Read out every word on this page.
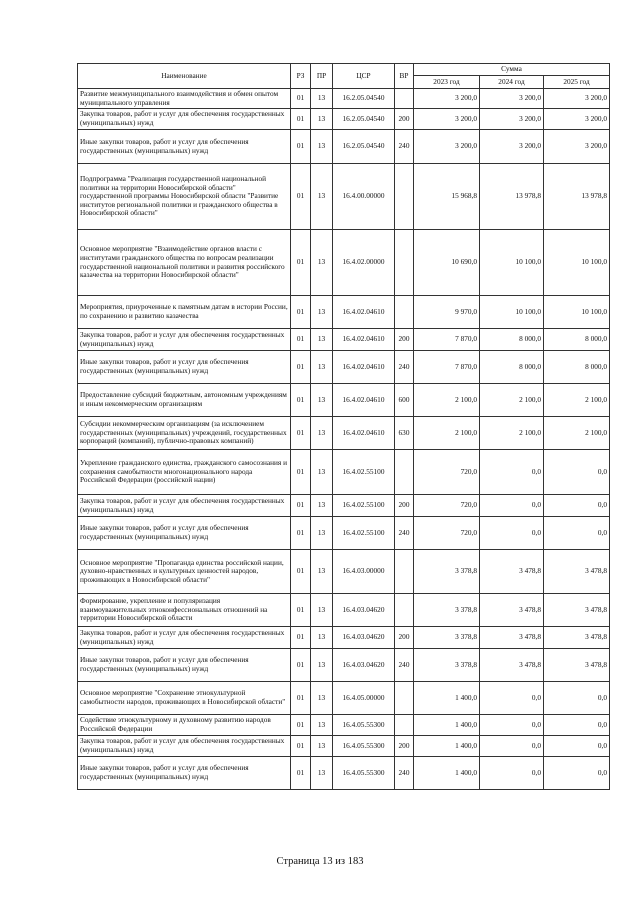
Наименование	РЗ	ПР	ЦСР	ВР	Сумма		
					2023 год	2024 год	2025 год
Развитие межмуниципального взаимодействия и обмен опытом муниципального управления	01	13	16.2.05.04540		3 200,0	3 200,0	3 200,0
Закупка товаров, работ и услуг для обеспечения государственных (муниципальных) нужд	01	13	16.2.05.04540	200	3 200,0	3 200,0	3 200,0
Иные закупки товаров, работ и услуг для обеспечения государственных (муниципальных) нужд	01	13	16.2.05.04540	240	3 200,0	3 200,0	3 200,0
Подпрограмма "Реализация государственной национальной политики на территории Новосибирской области" государственной программы Новосибирской области "Развитие институтов региональной политики и гражданского общества в Новосибирской области"	01	13	16.4.00.00000		15 968,8	13 978,8	13 978,8
Основное мероприятие "Взаимодействие органов власти с институтами гражданского общества по вопросам реализации государственной национальной политики и развития российского казачества на территории Новосибирской области"	01	13	16.4.02.00000		10 690,0	10 100,0	10 100,0
Мероприятия, приуроченные к памятным датам в истории России, по сохранению и развитию казачества	01	13	16.4.02.04610		9 970,0	10 100,0	10 100,0
Закупка товаров, работ и услуг для обеспечения государственных (муниципальных) нужд	01	13	16.4.02.04610	200	7 870,0	8 000,0	8 000,0
Иные закупки товаров, работ и услуг для обеспечения государственных (муниципальных) нужд	01	13	16.4.02.04610	240	7 870,0	8 000,0	8 000,0
Предоставление субсидий бюджетным, автономным учреждениям и иным некоммерческим организациям	01	13	16.4.02.04610	600	2 100,0	2 100,0	2 100,0
Субсидии некоммерческим организациям (за исключением государственных (муниципальных) учреждений, государственных корпораций (компаний), публично-правовых компаний)	01	13	16.4.02.04610	630	2 100,0	2 100,0	2 100,0
Укрепление гражданского единства, гражданского самосознания и сохранения самобытности многонационального народа Российской Федерации (российской нации)	01	13	16.4.02.55100		720,0	0,0	0,0
Закупка товаров, работ и услуг для обеспечения государственных (муниципальных) нужд	01	13	16.4.02.55100	200	720,0	0,0	0,0
Иные закупки товаров, работ и услуг для обеспечения государственных (муниципальных) нужд	01	13	16.4.02.55100	240	720,0	0,0	0,0
Основное мероприятие "Пропаганда единства российской нации, духовно-нравственных и культурных ценностей народов, проживающих в Новосибирской области"	01	13	16.4.03.00000		3 378,8	3 478,8	3 478,8
Формирование, укрепление и популяризация взаимоуважительных этноконфессиональных отношений на территории Новосибирской области	01	13	16.4.03.04620		3 378,8	3 478,8	3 478,8
Закупка товаров, работ и услуг для обеспечения государственных (муниципальных) нужд	01	13	16.4.03.04620	200	3 378,8	3 478,8	3 478,8
Иные закупки товаров, работ и услуг для обеспечения государственных (муниципальных) нужд	01	13	16.4.03.04620	240	3 378,8	3 478,8	3 478,8
Основное мероприятие "Сохранение этнокультурной самобытности народов, проживающих в Новосибирской области"	01	13	16.4.05.00000		1 400,0	0,0	0,0
Содействие этнокультурному и духовному развитию народов Российской Федерации	01	13	16.4.05.55300		1 400,0	0,0	0,0
Закупка товаров, работ и услуг для обеспечения государственных (муниципальных) нужд	01	13	16.4.05.55300	200	1 400,0	0,0	0,0
Иные закупки товаров, работ и услуг для обеспечения государственных (муниципальных) нужд	01	13	16.4.05.55300	240	1 400,0	0,0	0,0
Страница 13 из 183
